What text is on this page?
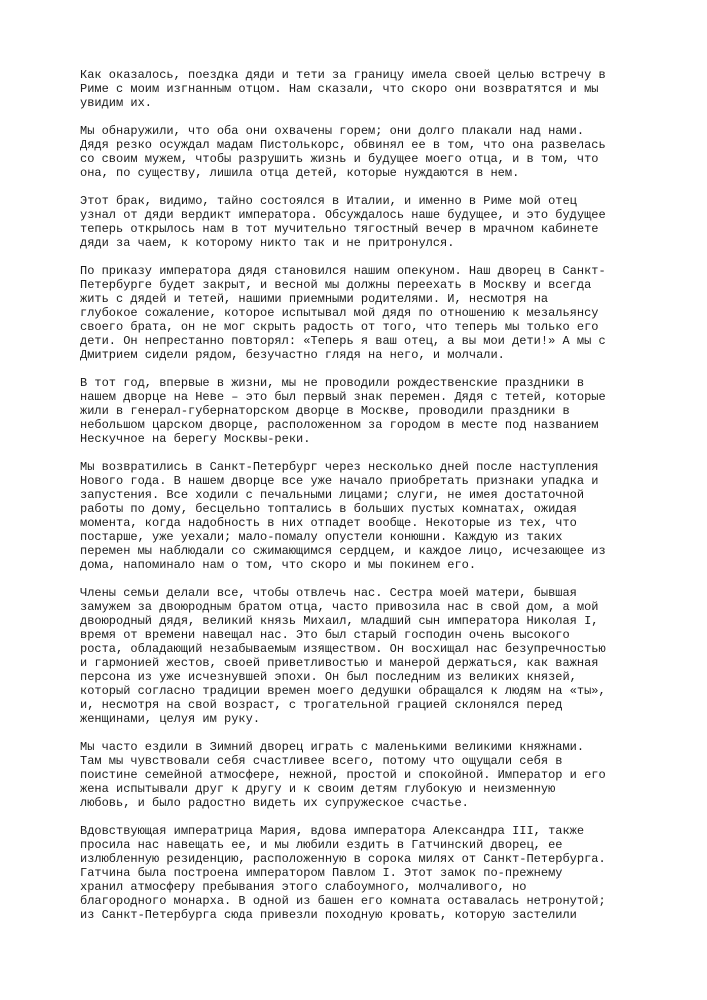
Как оказалось, поездка дяди и тети за границу имела своей целью встречу в
Риме с моим изгнанным отцом. Нам сказали, что скоро они возвратятся и мы
увидим их.

Мы обнаружили, что оба они охвачены горем; они долго плакали над нами.
Дядя резко осуждал мадам Пистолькорс, обвинял ее в том, что она развелась
со своим мужем, чтобы разрушить жизнь и будущее моего отца, и в том, что
она, по существу, лишила отца детей, которые нуждаются в нем.

Этот брак, видимо, тайно состоялся в Италии, и именно в Риме мой отец
узнал от дяди вердикт императора. Обсуждалось наше будущее, и это будущее
теперь открылось нам в тот мучительно тягостный вечер в мрачном кабинете
дяди за чаем, к которому никто так и не притронулся.

По приказу императора дядя становился нашим опекуном. Наш дворец в Санкт-
Петербурге будет закрыт, и весной мы должны переехать в Москву и всегда
жить с дядей и тетей, нашими приемными родителями. И, несмотря на
глубокое сожаление, которое испытывал мой дядя по отношению к мезальянсу
своего брата, он не мог скрыть радость от того, что теперь мы только его
дети. Он непрестанно повторял: «Теперь я ваш отец, а вы мои дети!» А мы с
Дмитрием сидели рядом, безучастно глядя на него, и молчали.

В тот год, впервые в жизни, мы не проводили рождественские праздники в
нашем дворце на Неве – это был первый знак перемен. Дядя с тетей, которые
жили в генерал-губернаторском дворце в Москве, проводили праздники в
небольшом царском дворце, расположенном за городом в месте под названием
Нескучное на берегу Москвы-реки.

Мы возвратились в Санкт-Петербург через несколько дней после наступления
Нового года. В нашем дворце все уже начало приобретать признаки упадка и
запустения. Все ходили с печальными лицами; слуги, не имея достаточной
работы по дому, бесцельно топтались в больших пустых комнатах, ожидая
момента, когда надобность в них отпадет вообще. Некоторые из тех, что
постарше, уже уехали; мало-помалу опустели конюшни. Каждую из таких
перемен мы наблюдали со сжимающимся сердцем, и каждое лицо, исчезающее из
дома, напоминало нам о том, что скоро и мы покинем его.

Члены семьи делали все, чтобы отвлечь нас. Сестра моей матери, бывшая
замужем за двоюродным братом отца, часто привозила нас в свой дом, а мой
двоюродный дядя, великий князь Михаил, младший сын императора Николая I,
время от времени навещал нас. Это был старый господин очень высокого
роста, обладающий незабываемым изяществом. Он восхищал нас безупречностью
и гармонией жестов, своей приветливостью и манерой держаться, как важная
персона из уже исчезнувшей эпохи. Он был последним из великих князей,
который согласно традиции времен моего дедушки обращался к людям на «ты»,
и, несмотря на свой возраст, с трогательной грацией склонялся перед
женщинами, целуя им руку.

Мы часто ездили в Зимний дворец играть с маленькими великими княжнами.
Там мы чувствовали себя счастливее всего, потому что ощущали себя в
поистине семейной атмосфере, нежной, простой и спокойной. Император и его
жена испытывали друг к другу и к своим детям глубокую и неизменную
любовь, и было радостно видеть их супружеское счастье.

Вдовствующая императрица Мария, вдова императора Александра III, также
просила нас навещать ее, и мы любили ездить в Гатчинский дворец, ее
излюбленную резиденцию, расположенную в сорока милях от Санкт-Петербурга.
Гатчина была построена императором Павлом I. Этот замок по-прежнему
хранил атмосферу пребывания этого слабоумного, молчаливого, но
благородного монарха. В одной из башен его комната оставалась нетронутой;
из Санкт-Петербурга сюда привезли походную кровать, которую застелили
